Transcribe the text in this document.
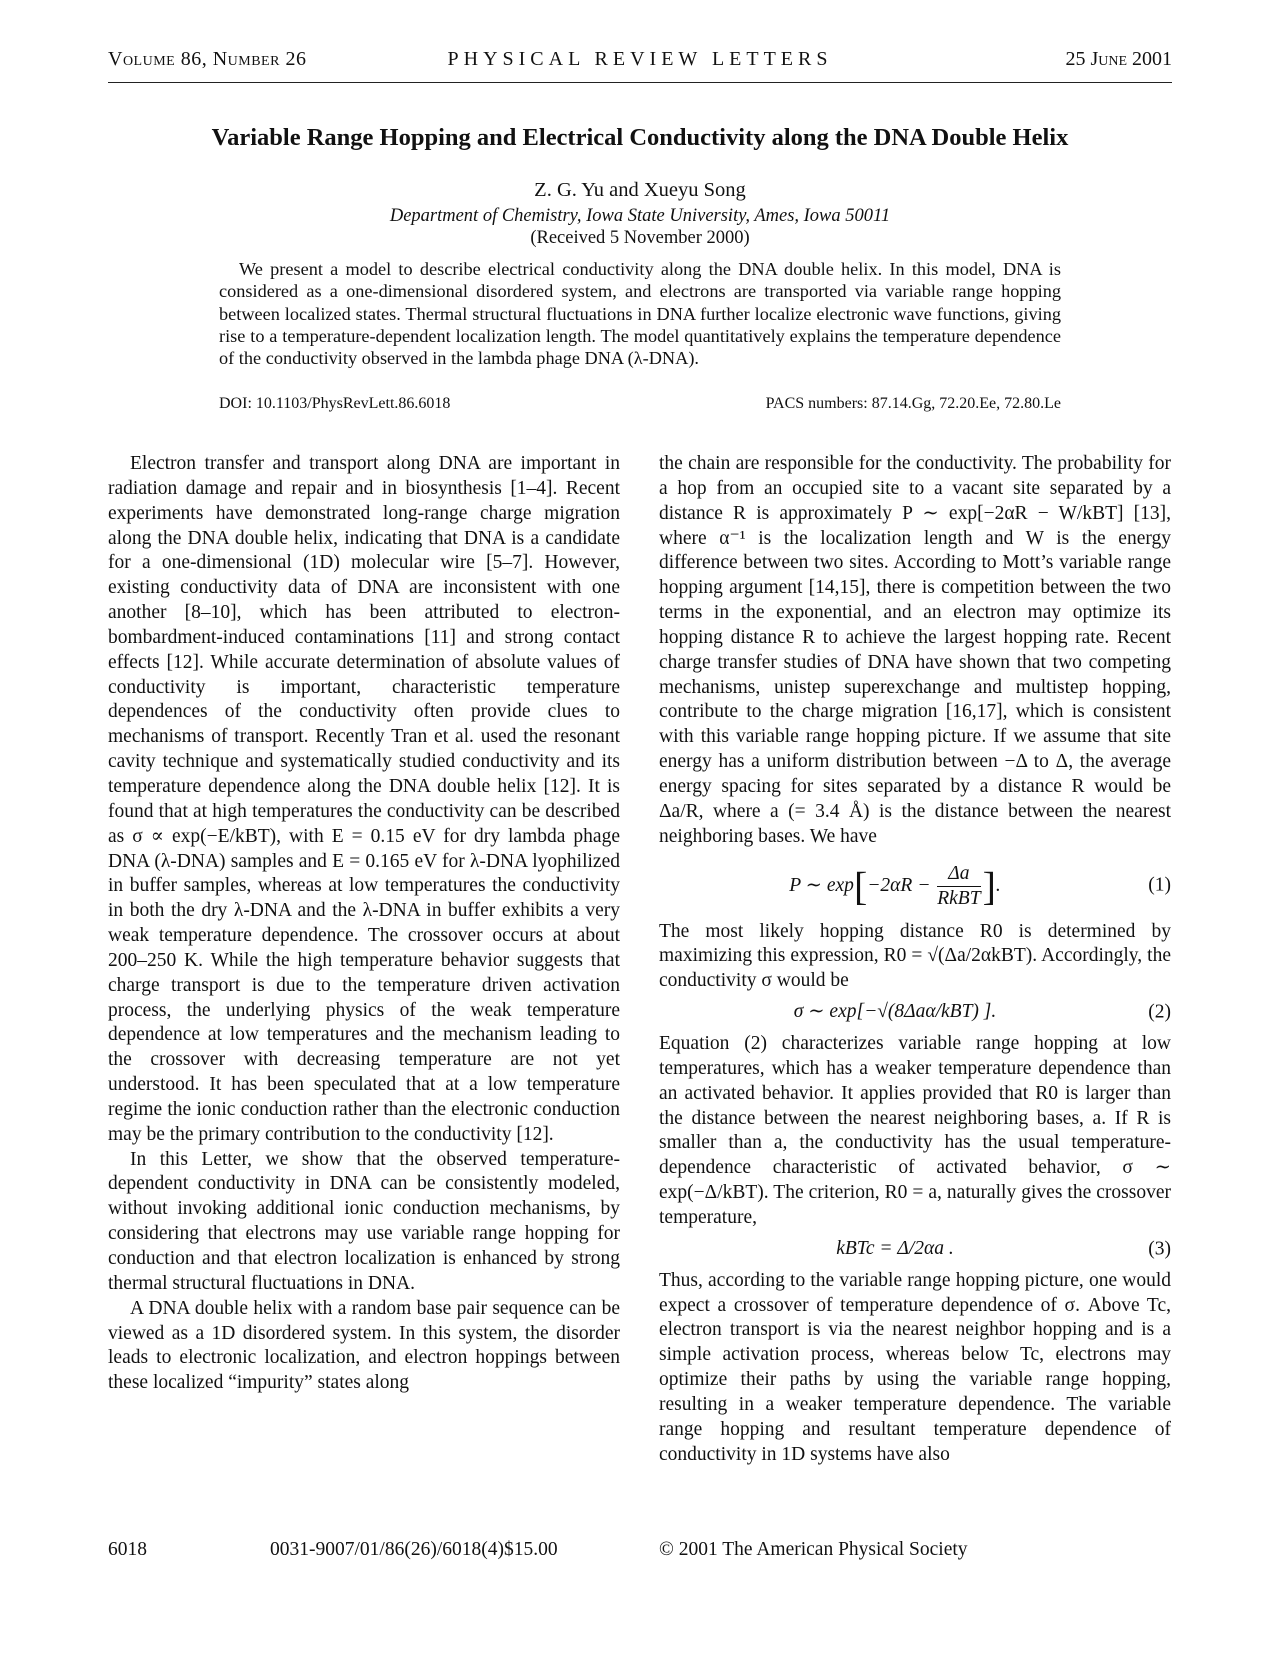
Volume 86, Number 26	PHYSICAL REVIEW LETTERS	25 June 2001
Variable Range Hopping and Electrical Conductivity along the DNA Double Helix
Z. G. Yu and Xueyu Song
Department of Chemistry, Iowa State University, Ames, Iowa 50011
(Received 5 November 2000)
We present a model to describe electrical conductivity along the DNA double helix. In this model, DNA is considered as a one-dimensional disordered system, and electrons are transported via variable range hopping between localized states. Thermal structural fluctuations in DNA further localize electronic wave functions, giving rise to a temperature-dependent localization length. The model quantitatively explains the temperature dependence of the conductivity observed in the lambda phage DNA (λ-DNA).
DOI: 10.1103/PhysRevLett.86.6018	PACS numbers: 87.14.Gg, 72.20.Ee, 72.80.Le

Electron transfer and transport along DNA are important in radiation damage and repair and in biosynthesis [1–4]. Recent experiments have demonstrated long-range charge migration along the DNA double helix, indicating that DNA is a candidate for a one-dimensional (1D) molecular wire [5–7]. However, existing conductivity data of DNA are inconsistent with one another [8–10], which has been attributed to electron-bombardment-induced contaminations [11] and strong contact effects [12]. While accurate determination of absolute values of conductivity is important, characteristic temperature dependences of the conductivity often provide clues to mechanisms of transport. Recently Tran et al. used the resonant cavity technique and systematically studied conductivity and its temperature dependence along the DNA double helix [12]. It is found that at high temperatures the conductivity can be described as σ ∝ exp(−E/kBT), with E = 0.15 eV for dry lambda phage DNA (λ-DNA) samples and E = 0.165 eV for λ-DNA lyophilized in buffer samples, whereas at low temperatures the conductivity in both the dry λ-DNA and the λ-DNA in buffer exhibits a very weak temperature dependence. The crossover occurs at about 200–250 K. While the high temperature behavior suggests that charge transport is due to the temperature driven activation process, the underlying physics of the weak temperature dependence at low temperatures and the mechanism leading to the crossover with decreasing temperature are not yet understood. It has been speculated that at a low temperature regime the ionic conduction rather than the electronic conduction may be the primary contribution to the conductivity [12].

In this Letter, we show that the observed temperature-dependent conductivity in DNA can be consistently modeled, without invoking additional ionic conduction mechanisms, by considering that electrons may use variable range hopping for conduction and that electron localization is enhanced by strong thermal structural fluctuations in DNA.

A DNA double helix with a random base pair sequence can be viewed as a 1D disordered system. In this system, the disorder leads to electronic localization, and electron hoppings between these localized “impurity” states along

the chain are responsible for the conductivity. The probability for a hop from an occupied site to a vacant site separated by a distance R is approximately P ∼ exp[−2αR − W/kBT] [13], where α⁻¹ is the localization length and W is the energy difference between two sites. According to Mott’s variable range hopping argument [14,15], there is competition between the two terms in the exponential, and an electron may optimize its hopping distance R to achieve the largest hopping rate. Recent charge transfer studies of DNA have shown that two competing mechanisms, unistep superexchange and multistep hopping, contribute to the charge migration [16,17], which is consistent with this variable range hopping picture. If we assume that site energy has a uniform distribution between −Δ to Δ, the average energy spacing for sites separated by a distance R would be Δa/R, where a (= 3.4 Å) is the distance between the nearest neighboring bases. We have

P ∼ $\exp[-2\alpha R - \frac{\Delta a}{\text{RkBT}}$ ].	(1)

The most likely hopping distance R0 is determined by maximizing this expression, R0 = √(Δa/2αkBT). Accordingly, the conductivity σ would be

σ ∼ exp[−√(8Δaα/kBT) ].	(2)

Equation (2) characterizes variable range hopping at low temperatures, which has a weaker temperature dependence than an activated behavior. It applies provided that R0 is larger than the distance between the nearest neighboring bases, a. If R is smaller than a, the conductivity has the usual temperature-dependence characteristic of activated behavior, σ ∼ exp(−Δ/kBT). The criterion, R0 = a, naturally gives the crossover temperature,

kBTc = Δ/2αa .	(3)

Thus, according to the variable range hopping picture, one would expect a crossover of temperature dependence of σ. Above Tc, electron transport is via the nearest neighbor hopping and is a simple activation process, whereas below Tc, electrons may optimize their paths by using the variable range hopping, resulting in a weaker temperature dependence. The variable range hopping and resultant temperature dependence of conductivity in 1D systems have also

6018	0031-9007/01/86(26)/6018(4)$15.00	© 2001 The American Physical Society
